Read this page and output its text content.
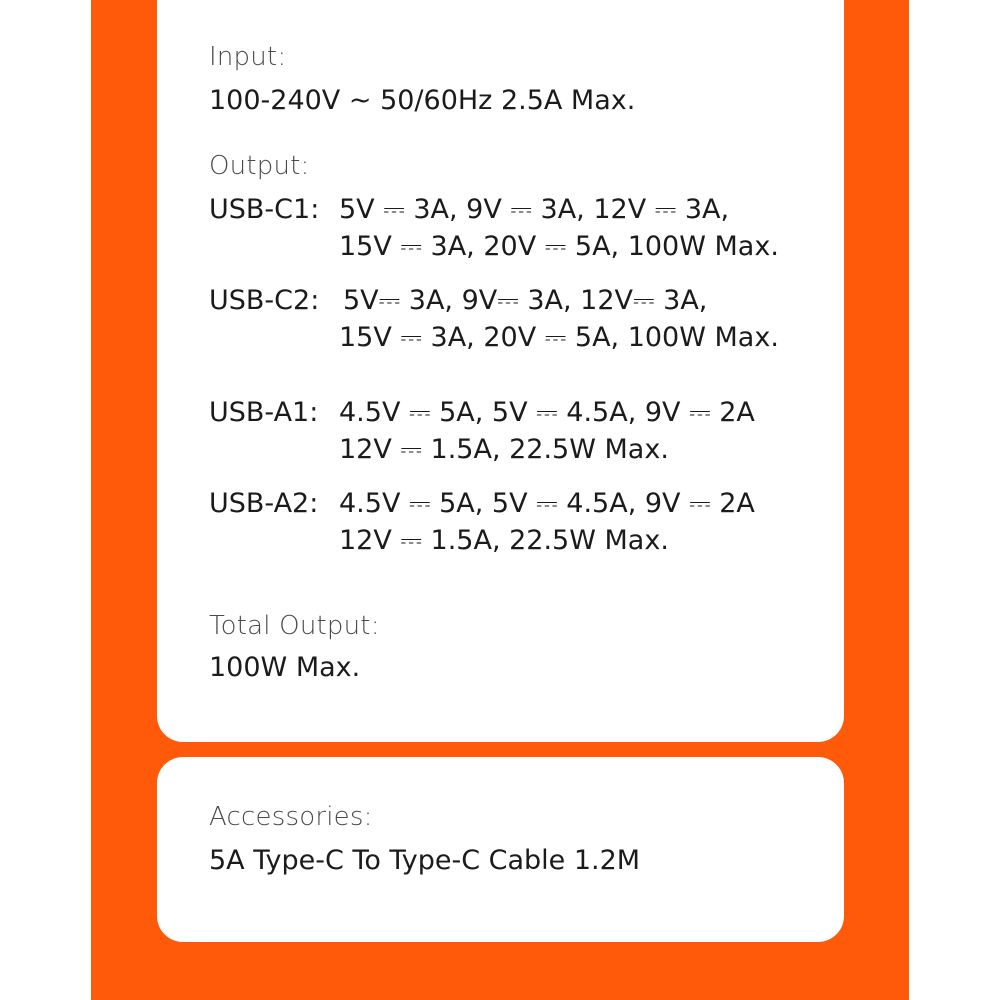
Input:
100-240V ~ 50/60Hz 2.5A Max.
Output:
USB-C1: 5V ⎓ 3A, 9V ⎓ 3A, 12V ⎓ 3A,
15V ⎓ 3A, 20V ⎓ 5A, 100W Max.
USB-C2: 5V⎓ 3A, 9V⎓ 3A, 12V⎓ 3A,
15V ⎓ 3A, 20V ⎓ 5A, 100W Max.
USB-A1: 4.5V ⎓ 5A, 5V ⎓ 4.5A, 9V ⎓ 2A
12V ⎓ 1.5A, 22.5W Max.
USB-A2: 4.5V ⎓ 5A, 5V ⎓ 4.5A, 9V ⎓ 2A
12V ⎓ 1.5A, 22.5W Max.
Total Output:
100W Max.
Accessories:
5A Type-C To Type-C Cable 1.2M
